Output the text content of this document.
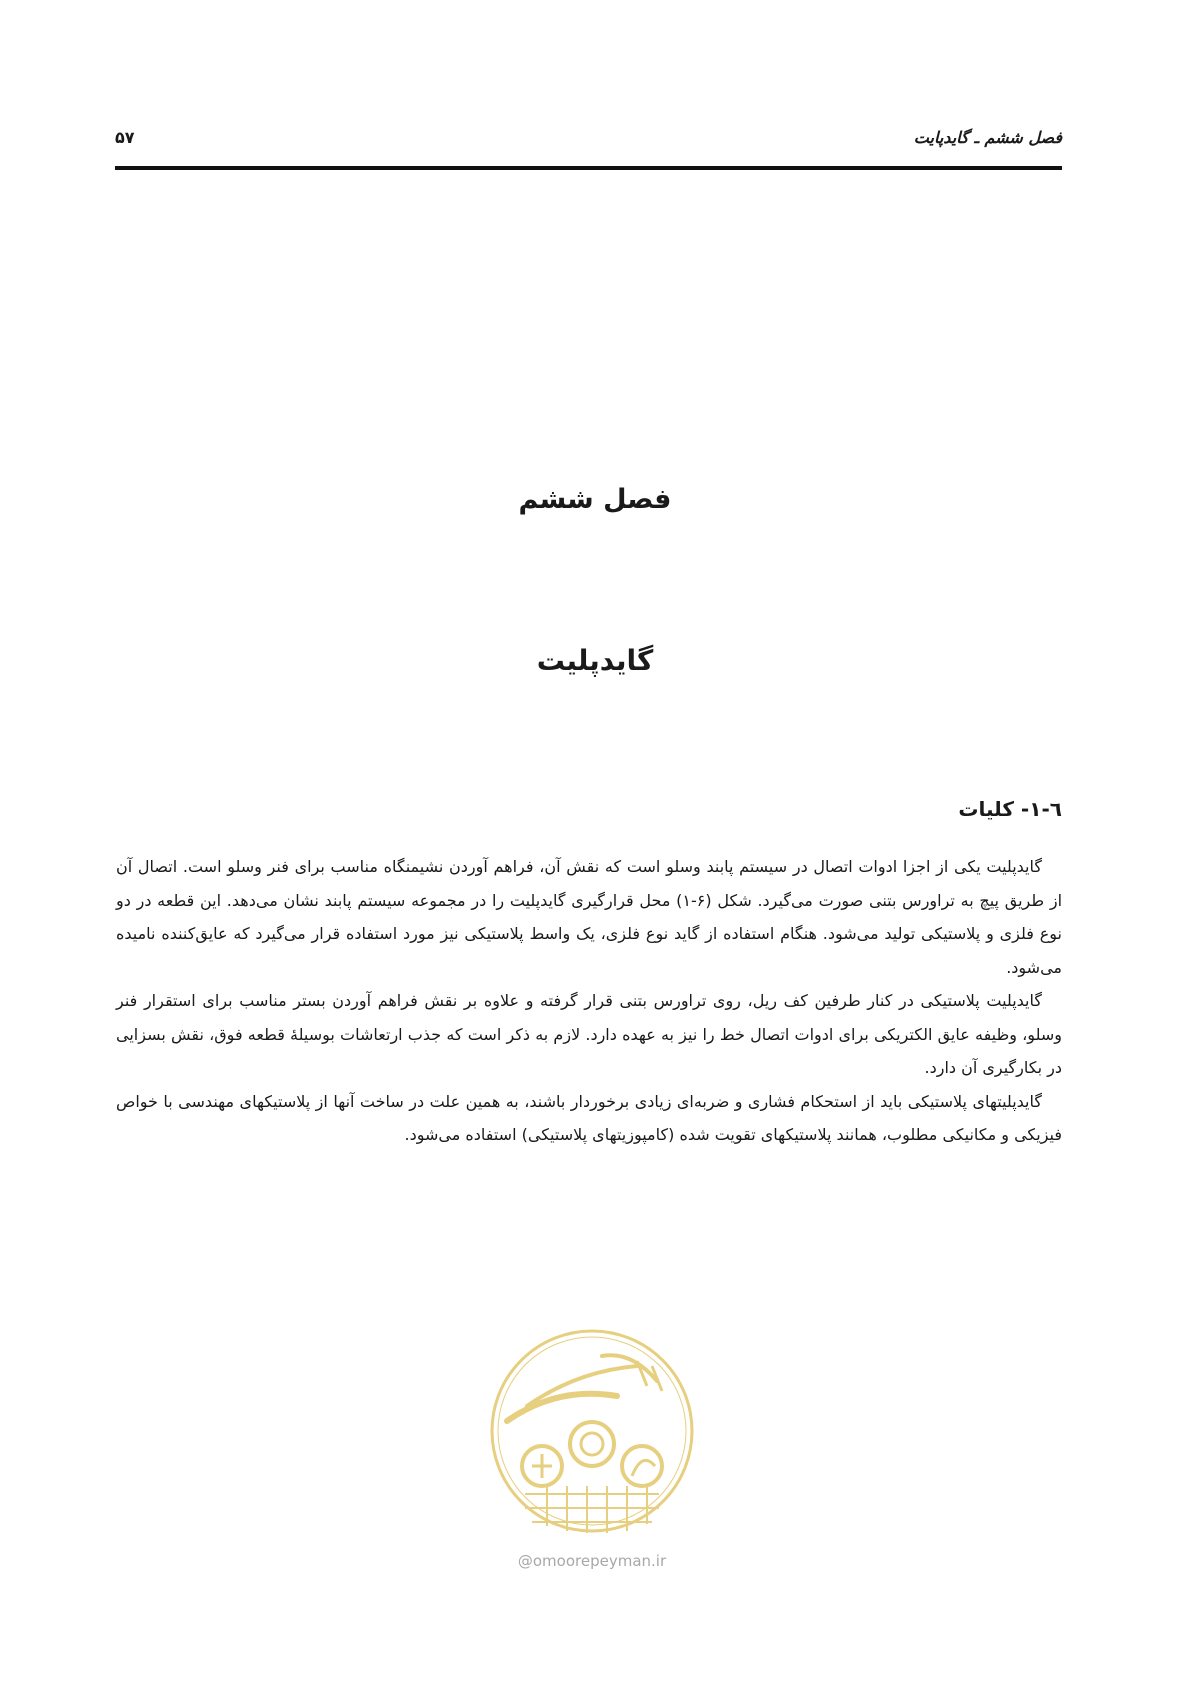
فصل ششم ـ گایدپایت
۵۷
فصل ششم
گایدپلیت
٦-١- کلیات

گایدپلیت یکی از اجزا ادوات اتصال در سیستم پابند وسلو است که نقش آن، فراهم آوردن نشیمنگاه مناسب برای فنر وسلو است. اتصال آن از طریق پیچ به تراورس بتنی صورت می‌گیرد. شکل (۶-۱) محل قرارگیری گایدپلیت را در مجموعه سیستم پابند نشان می‌دهد. این قطعه در دو نوع فلزی و پلاستیکی تولید می‌شود. هنگام استفاده از گاید نوع فلزی، یک واسط پلاستیکی نیز مورد استفاده قرار می‌گیرد که عایق‌کننده نامیده می‌شود.

گایدپلیت پلاستیکی در کنار طرفین کف ریل، روی تراورس بتنی قرار گرفته و علاوه بر نقش فراهم آوردن بستر مناسب برای استقرار فنر وسلو، وظیفه عایق الکتریکی برای ادوات اتصال خط را نیز به عهده دارد. لازم به ذکر است که جذب ارتعاشات بوسیلهٔ قطعه فوق، نقش بسزایی در بکارگیری آن دارد.

گایدپلیتهای پلاستیکی باید از استحکام فشاری و ضربه‌ای زیادی برخوردار باشند، به همین علت در ساخت آنها از پلاستیکهای مهندسی با خواص فیزیکی و مکانیکی مطلوب، همانند پلاستیکهای تقویت شده (کامپوزیتهای پلاستیکی) استفاده می‌شود.

@omoorepeyman.ir
